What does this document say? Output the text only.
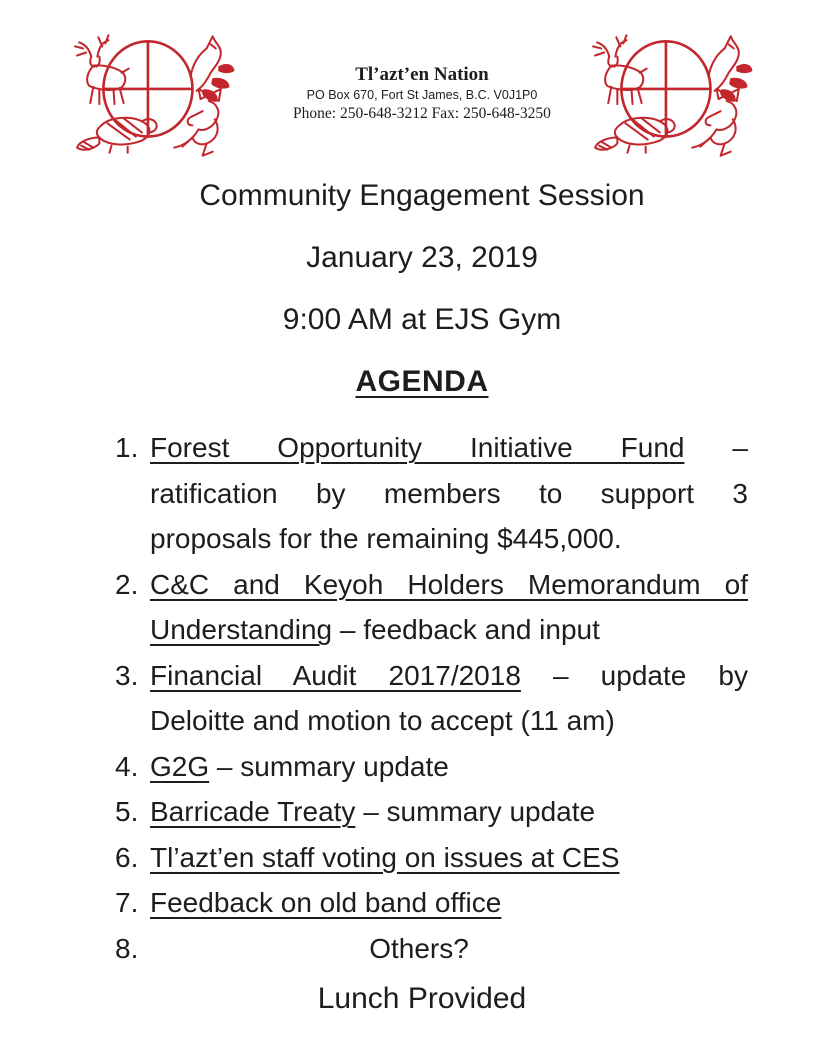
Tl’azt’en Nation
PO Box 670, Fort St James, B.C. V0J1P0
Phone: 250-648-3212 Fax: 250-648-3250

Community Engagement Session

January 23, 2019

9:00 AM at EJS Gym

AGENDA

1. Forest Opportunity Initiative Fund –
ratification by members to support 3
proposals for the remaining $445,000.
2. C&C and Keyoh Holders Memorandum of
Understanding – feedback and input
3. Financial Audit 2017/2018 – update by
Deloitte and motion to accept (11 am)
4. G2G – summary update
5. Barricade Treaty – summary update
6. Tl’azt’en staff voting on issues at CES
7. Feedback on old band office
8.	Others?

Lunch Provided
